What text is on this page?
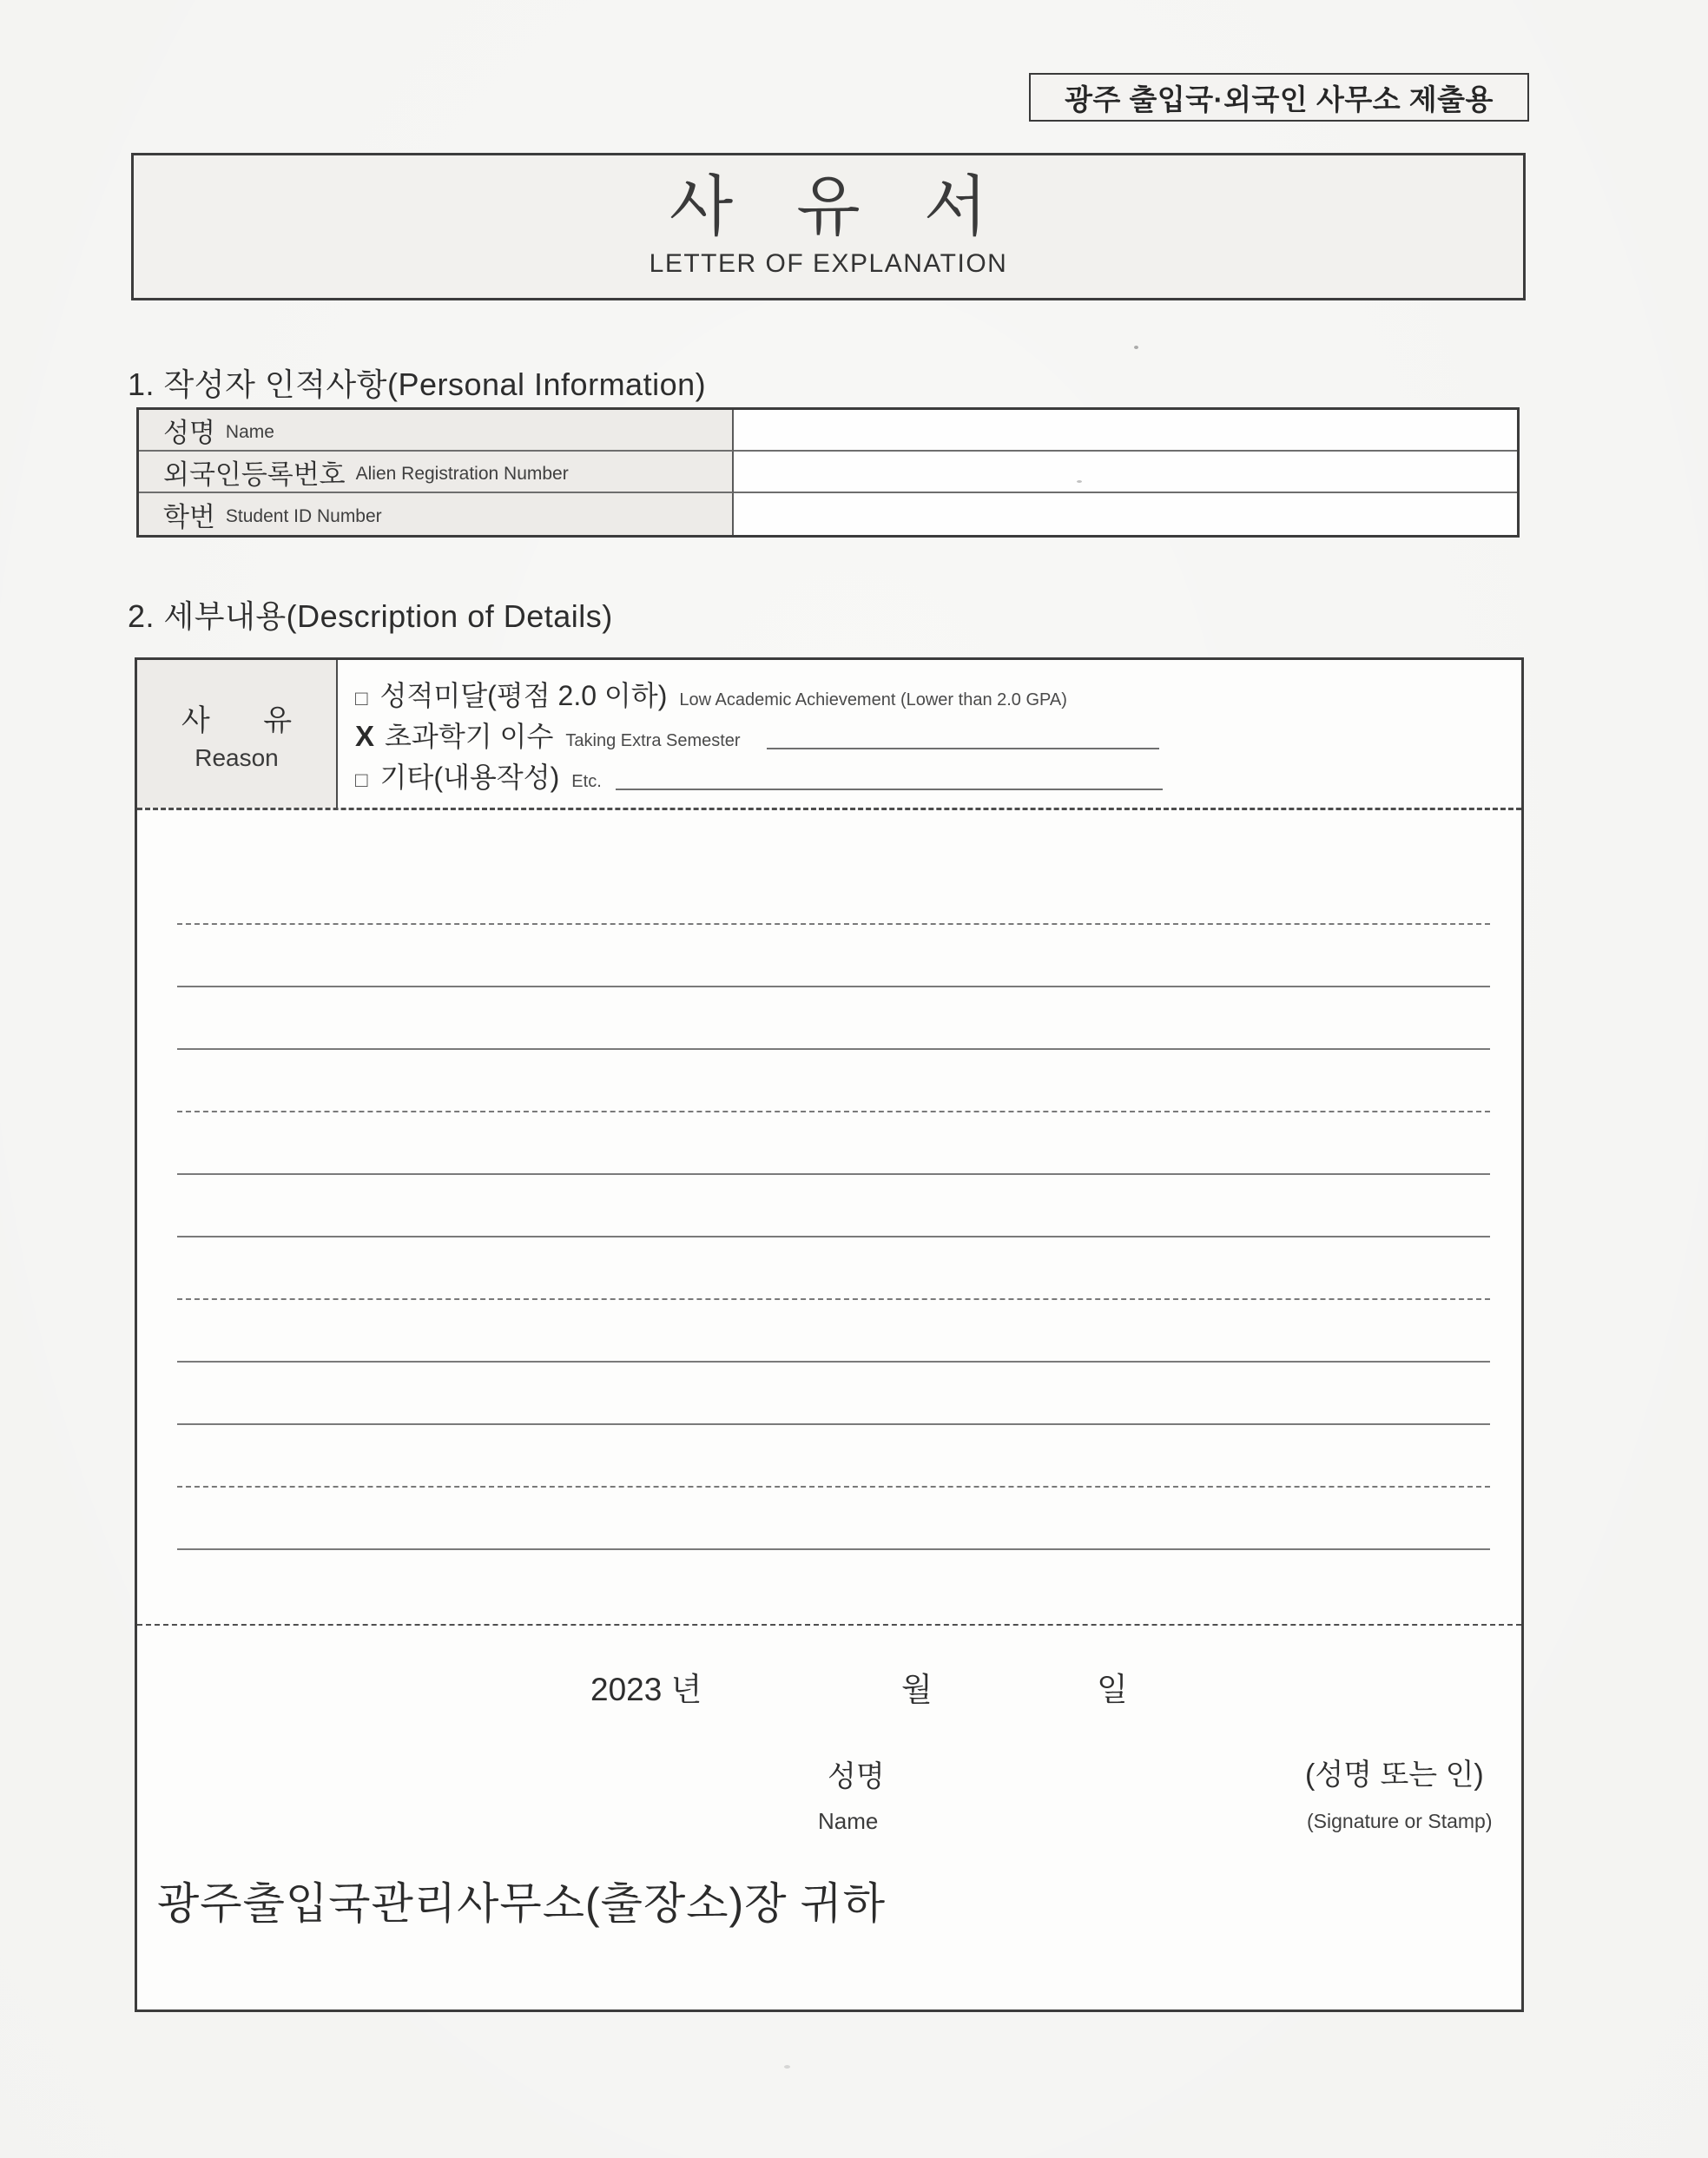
광주 출입국·외국인 사무소 제출용
사 유 서
LETTER OF EXPLANATION
1. 작성자 인적사항(Personal Information)
성명 Name
외국인등록번호 Alien Registration Number
학번 Student ID Number
2. 세부내용(Description of Details)
사 유
Reason
□ 성적미달(평점 2.0 이하) Low Academic Achievement (Lower than 2.0 GPA)
X 초과학기 이수 Taking Extra Semester
□ 기타(내용작성) Etc.
2023 년	월	일
성명
Name
(성명 또는 인)
(Signature or Stamp)
광주출입국관리사무소(출장소)장 귀하
